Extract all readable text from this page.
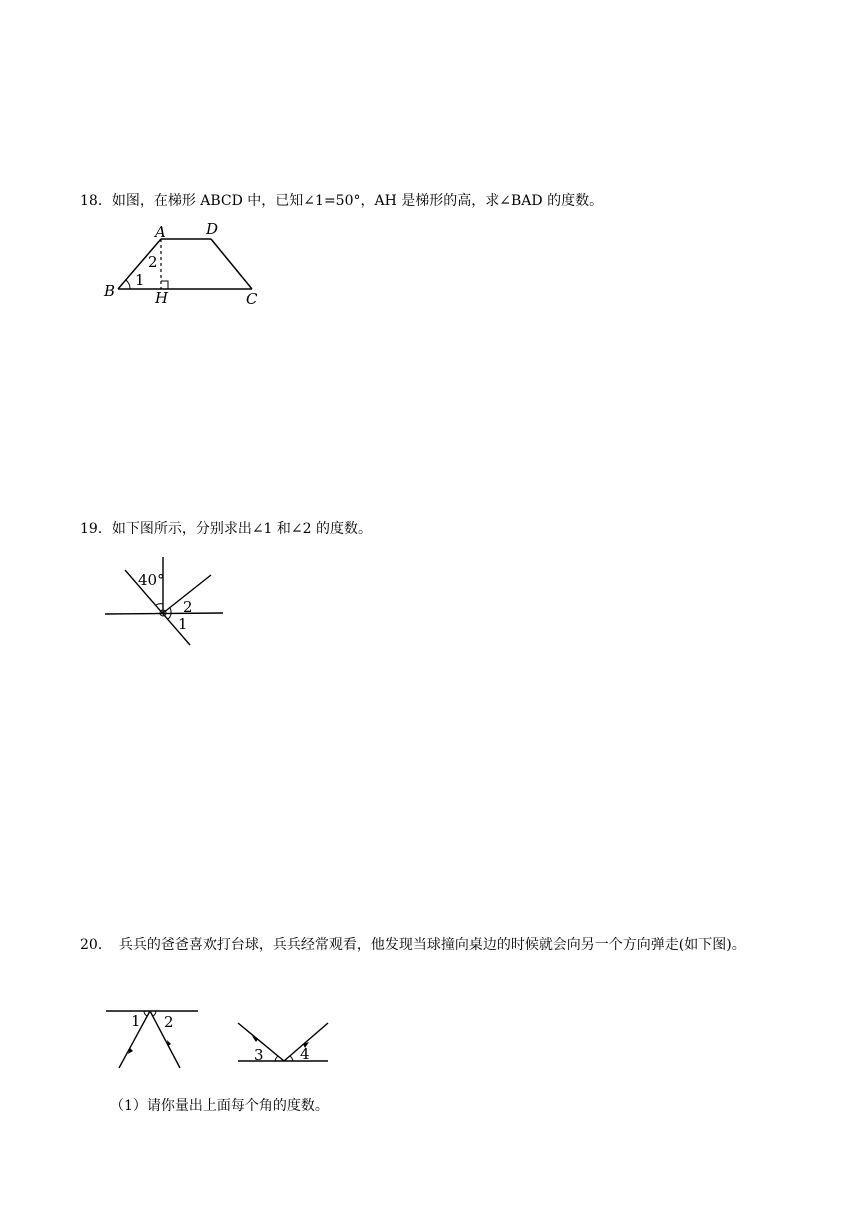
18．如图，在梯形 ABCD 中，已知∠1=50°，AH 是梯形的高，求∠BAD 的度数。
A	D
B	H	C
1
2
19．如下图所示，分别求出∠1 和∠2 的度数。
40°
2
1
20．　兵兵的爸爸喜欢打台球，兵兵经常观看，他发现当球撞向桌边的时候就会向另一个方向弹走(如下图)。
1 2
3 4
（1）请你量出上面每个角的度数。
